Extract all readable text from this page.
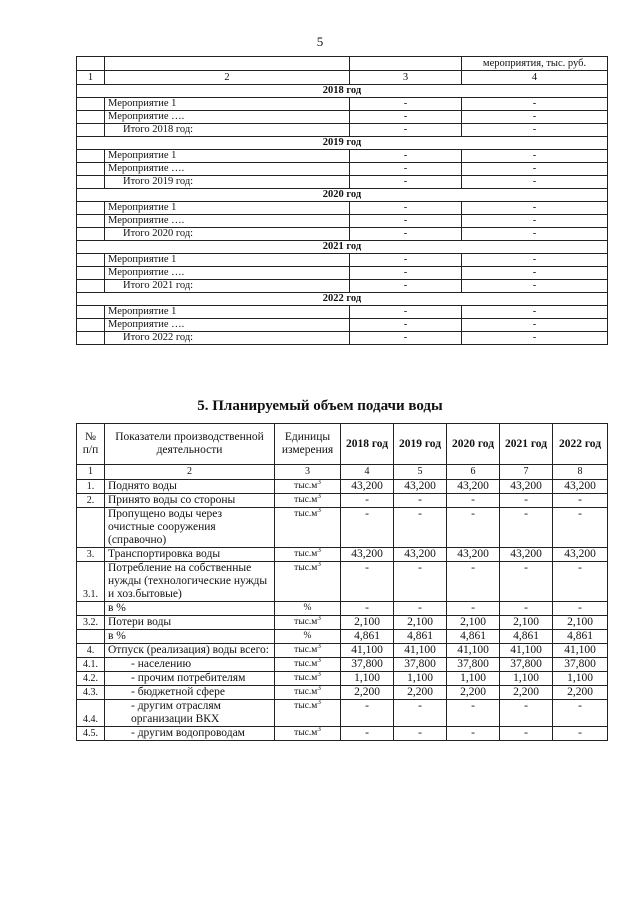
5
			мероприятия, тыс. руб.
1	2	3	4
2018 год			
	Мероприятие 1	-	-
	Мероприятие ….	-	-
	Итого 2018 год:	-	-
2019 год			
	Мероприятие 1	-	-
	Мероприятие ….	-	-
	Итого 2019 год:	-	-
2020 год			
	Мероприятие 1	-	-
	Мероприятие ….	-	-
	Итого 2020 год:	-	-
2021 год			
	Мероприятие 1	-	-
	Мероприятие ….	-	-
	Итого 2021 год:	-	-
2022 год			
	Мероприятие 1	-	-
	Мероприятие ….	-	-
	Итого 2022 год:	-	-
5. Планируемый объем подачи воды
№ п/п	Показатели производственной деятельности	Единицы измерения	2018 год	2019 год	2020 год	2021 год	2022 год
1	2	3	4	5	6	7	8
1.	Поднято воды	$тыс.м^3$	43,200	43,200	43,200	43,200	43,200
2.	Принято воды со стороны	$тыс.м^3$	-	-	-	-	-
	Пропущено воды через очистные сооружения (справочно)	$тыс.м^3$	-	-	-	-	-
3.	Транспортировка воды	$тыс.м^3$	43,200	43,200	43,200	43,200	43,200
3.1.	Потребление на собственные нужды (технологические нужды и хоз.бытовые)	$тыс.м^3$	-	-	-	-	-
	в %	%	-	-	-	-	-
3.2.	Потери воды	$тыс.м^3$	2,100	2,100	2,100	2,100	2,100
	в %	%	4,861	4,861	4,861	4,861	4,861
4.	Отпуск (реализация) воды всего:	$тыс.м^3$	41,100	41,100	41,100	41,100	41,100
4.1.	- населению	$тыс.м^3$	37,800	37,800	37,800	37,800	37,800
4.2.	- прочим потребителям	$тыс.м^3$	1,100	1,100	1,100	1,100	1,100
4.3.	- бюджетной сфере	$тыс.м^3$	2,200	2,200	2,200	2,200	2,200
4.4.	- другим отраслям организации ВКХ	$тыс.м^3$	-	-	-	-	-
4.5.	- другим водопроводам	$тыс.м^3$	-	-	-	-	-
